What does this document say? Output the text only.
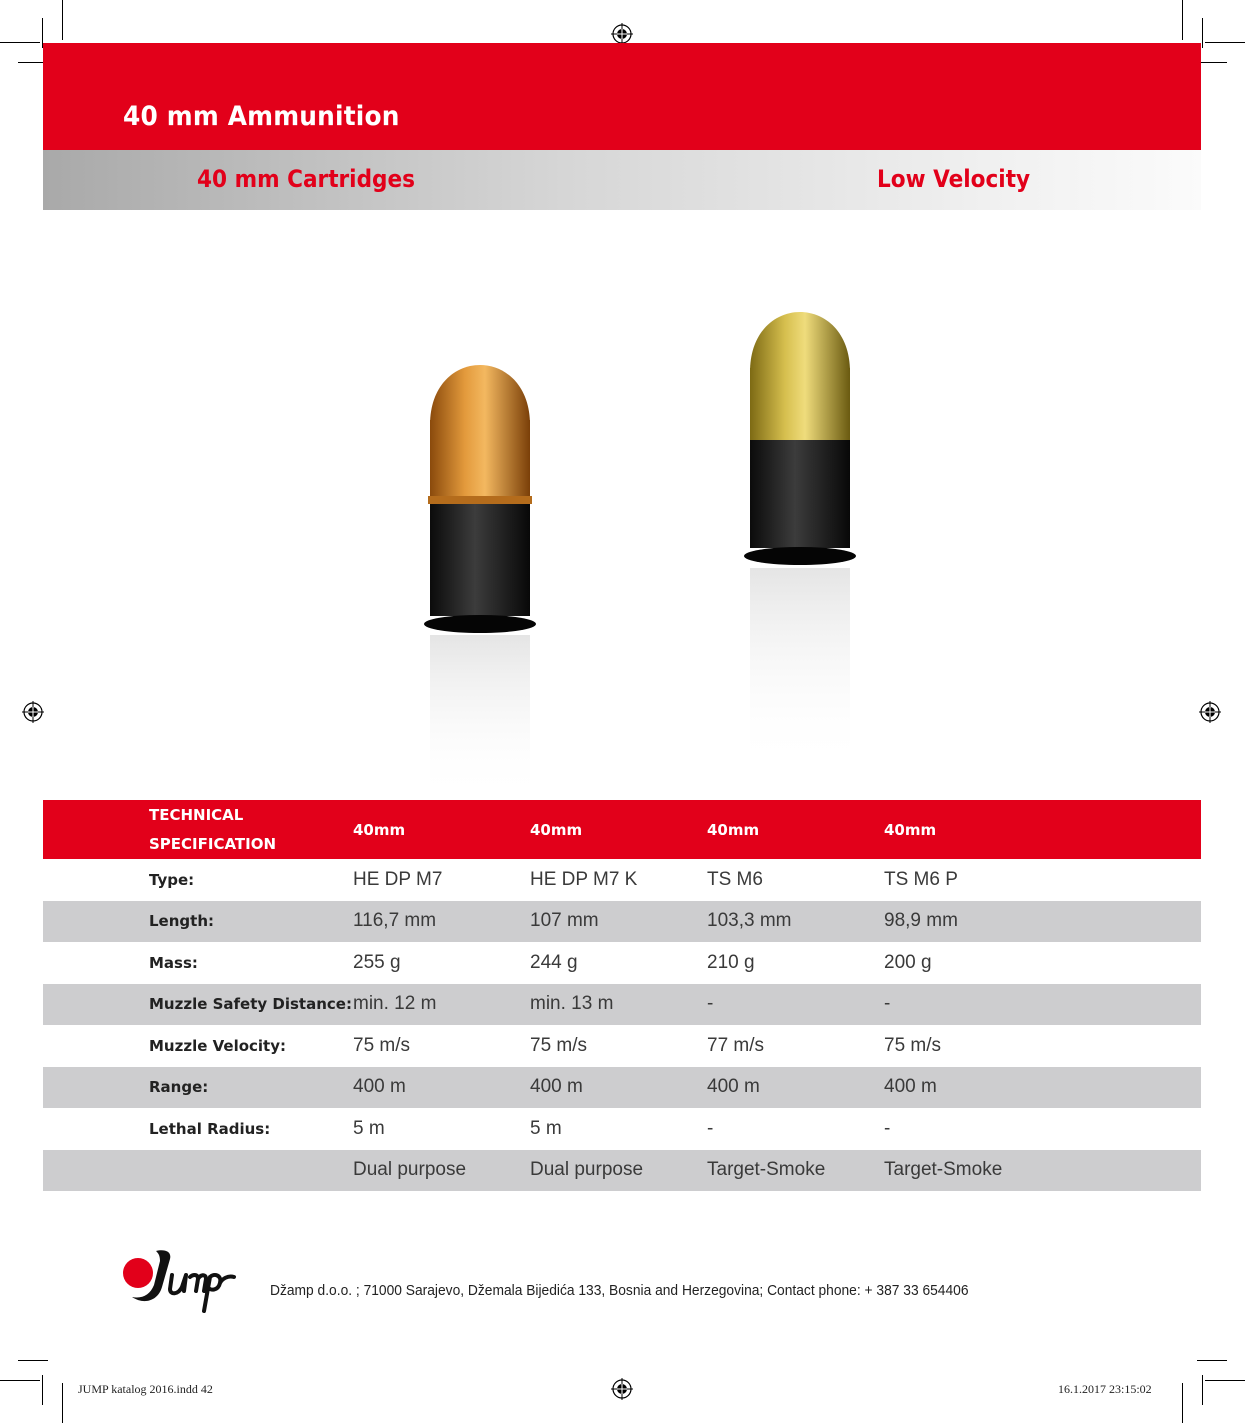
40 mm Ammunition
40 mm Cartridges	Low Velocity
TECHNICAL
SPECIFICATION	40mm	40mm	40mm	40mm
Type:	HE DP M7	HE DP M7 K	TS M6	TS M6 P
Length:	116,7 mm	107 mm	103,3 mm	98,9 mm
Mass:	255 g	244 g	210 g	200 g
Muzzle Safety Distance:	min. 12 m	min. 13 m	-	-
Muzzle Velocity:	75 m/s	75 m/s	77 m/s	75 m/s
Range:	400 m	400 m	400 m	400 m
Lethal Radius:	5 m	5 m	-	-
	Dual purpose	Dual purpose	Target-Smoke	Target-Smoke
Džamp d.o.o. ; 71000 Sarajevo, Džemala Bijedića 133, Bosnia and Herzegovina; Contact phone: + 387 33 654406
JUMP katalog 2016.indd 42	16.1.2017 23:15:02
